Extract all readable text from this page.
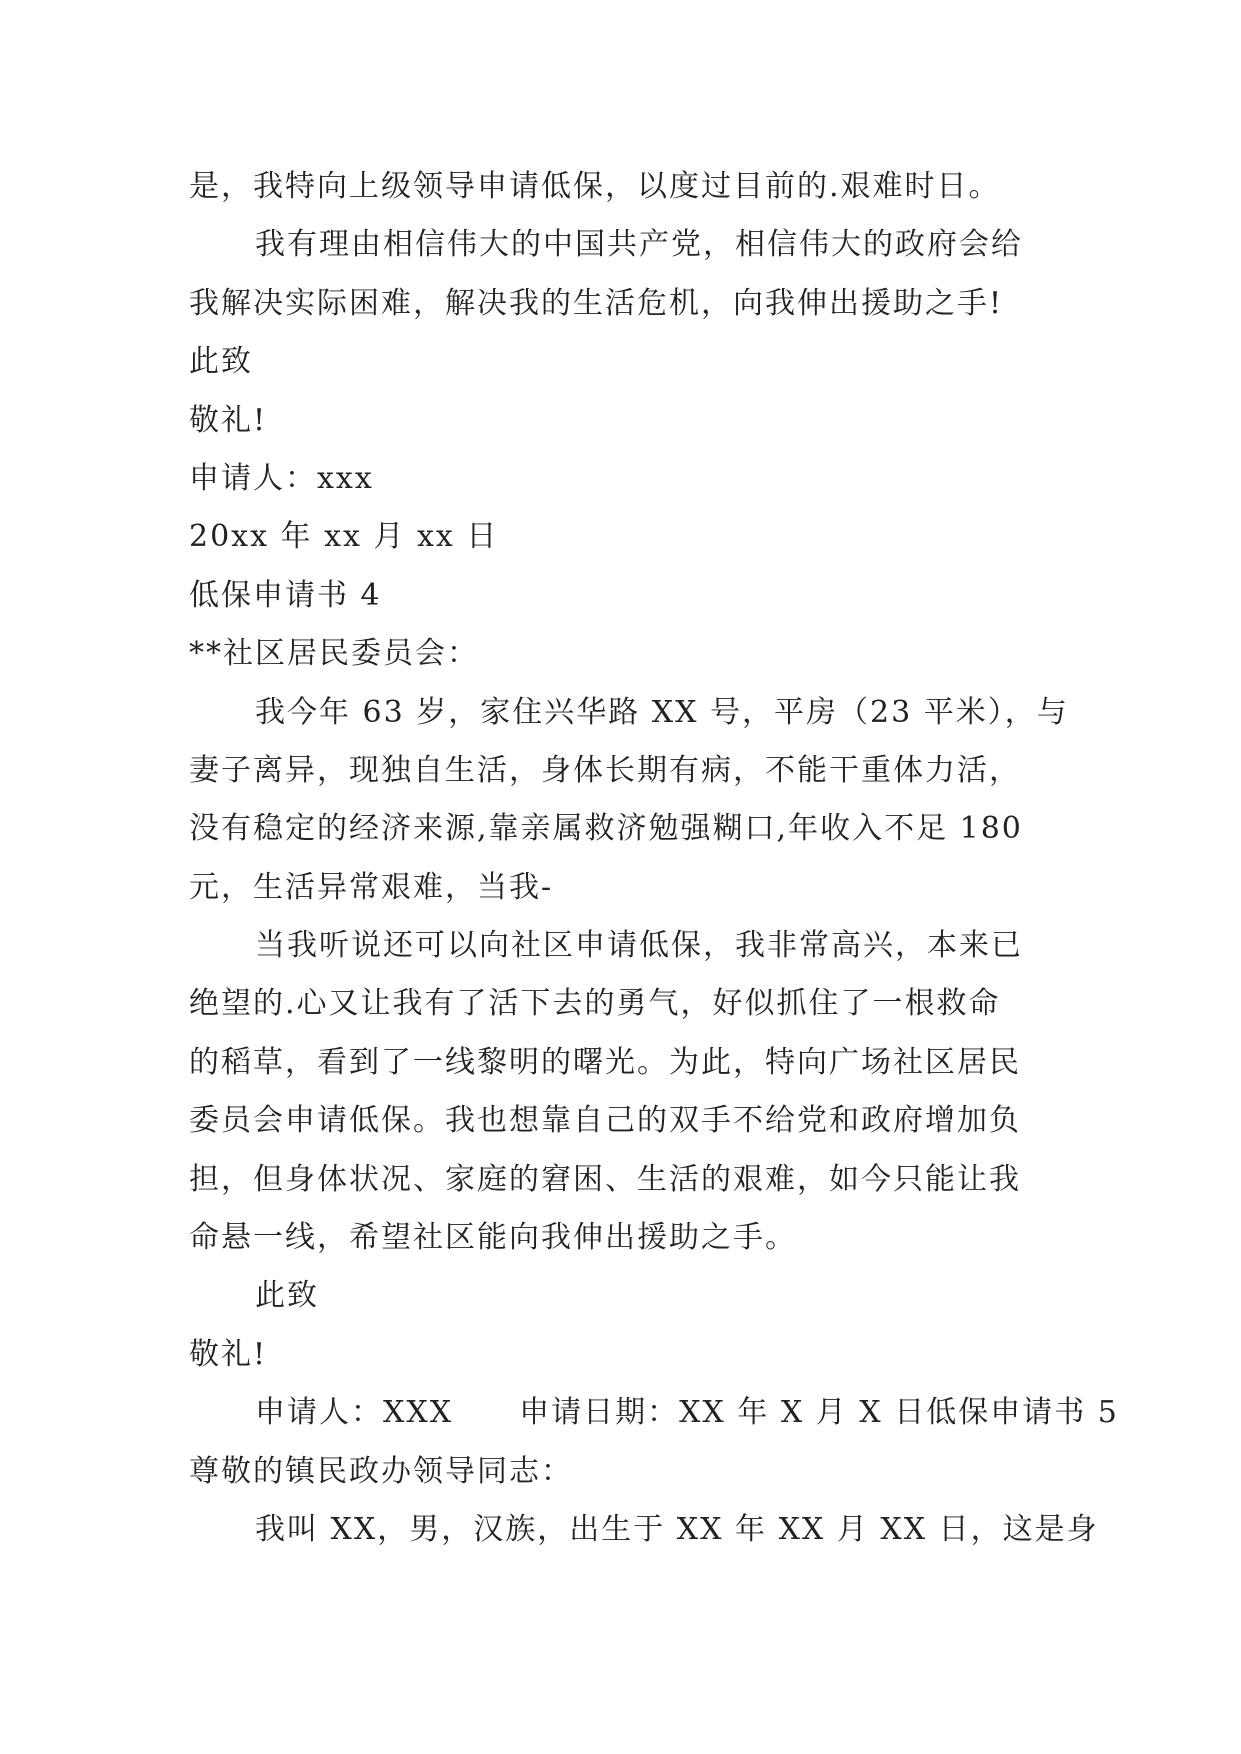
是，我特向上级领导申请低保，以度过目前的.艰难时日。
我有理由相信伟大的中国共产党，相信伟大的政府会给
我解决实际困难，解决我的生活危机，向我伸出援助之手!
此致
敬礼!
申请人：xxx
20xx 年 xx 月 xx 日
低保申请书 4
**社区居民委员会：
我今年 63 岁，家住兴华路 XX 号，平房（23 平米），与
妻子离异，现独自生活，身体长期有病，不能干重体力活，
没有稳定的经济来源,靠亲属救济勉强糊口,年收入不足 180
元，生活异常艰难，当我-
当我听说还可以向社区申请低保，我非常高兴，本来已
绝望的.心又让我有了活下去的勇气，好似抓住了一根救命
的稻草，看到了一线黎明的曙光。为此，特向广场社区居民
委员会申请低保。我也想靠自己的双手不给党和政府增加负
担，但身体状况、家庭的窘困、生活的艰难，如今只能让我
命悬一线，希望社区能向我伸出援助之手。
此致
敬礼!
申请人：XXX 申请日期：XX 年 X 月 X 日低保申请书 5
尊敬的镇民政办领导同志：
我叫 XX，男，汉族，出生于 XX 年 XX 月 XX 日，这是身
